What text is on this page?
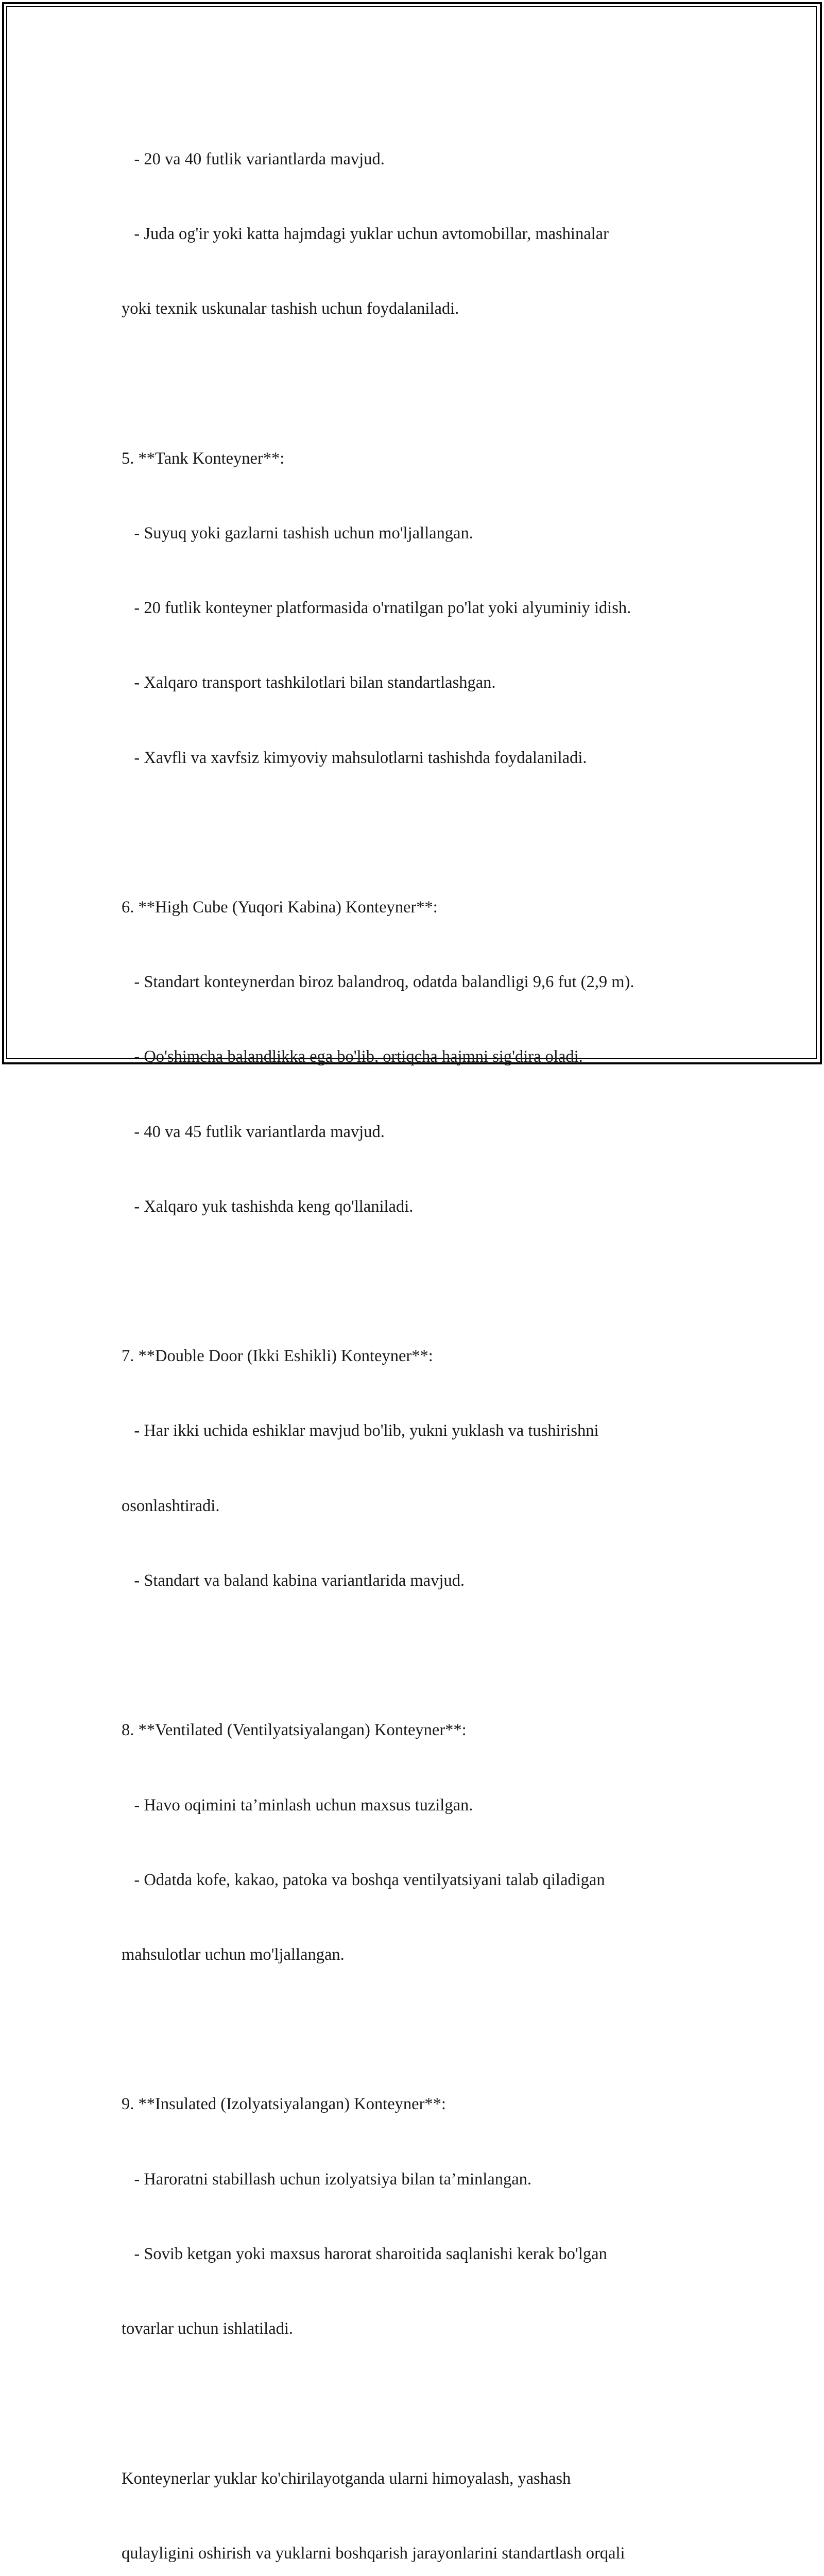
- 20 va 40 futlik variantlarda mavjud.

- Juda og'ir yoki katta hajmdagi yuklar uchun avtomobillar, mashinalar

yoki texnik uskunalar tashish uchun foydalaniladi.

5. **Tank Konteyner**:

- Suyuq yoki gazlarni tashish uchun mo'ljallangan.

- 20 futlik konteyner platformasida o'rnatilgan po'lat yoki alyuminiy idish.

- Xalqaro transport tashkilotlari bilan standartlashgan.

- Xavfli va xavfsiz kimyoviy mahsulotlarni tashishda foydalaniladi.

6. **High Cube (Yuqori Kabina) Konteyner**:

- Standart konteynerdan biroz balandroq, odatda balandligi 9,6 fut (2,9 m).

- Qo'shimcha balandlikka ega bo'lib, ortiqcha hajmni sig'dira oladi.

- 40 va 45 futlik variantlarda mavjud.

- Xalqaro yuk tashishda keng qo'llaniladi.

7. **Double Door (Ikki Eshikli) Konteyner**:

- Har ikki uchida eshiklar mavjud bo'lib, yukni yuklash va tushirishni

osonlashtiradi.

- Standart va baland kabina variantlarida mavjud.

8. **Ventilated (Ventilyatsiyalangan) Konteyner**:

- Havo oqimini ta’minlash uchun maxsus tuzilgan.

- Odatda kofe, kakao, patoka va boshqa ventilyatsiyani talab qiladigan

mahsulotlar uchun mo'ljallangan.

9. **Insulated (Izolyatsiyalangan) Konteyner**:

- Haroratni stabillash uchun izolyatsiya bilan ta’minlangan.

- Sovib ketgan yoki maxsus harorat sharoitida saqlanishi kerak bo'lgan

tovarlar uchun ishlatiladi.

Konteynerlar yuklar ko'chirilayotganda ularni himoyalash, yashash

qulayligini oshirish va yuklarni boshqarish jarayonlarini standartlash orqali
